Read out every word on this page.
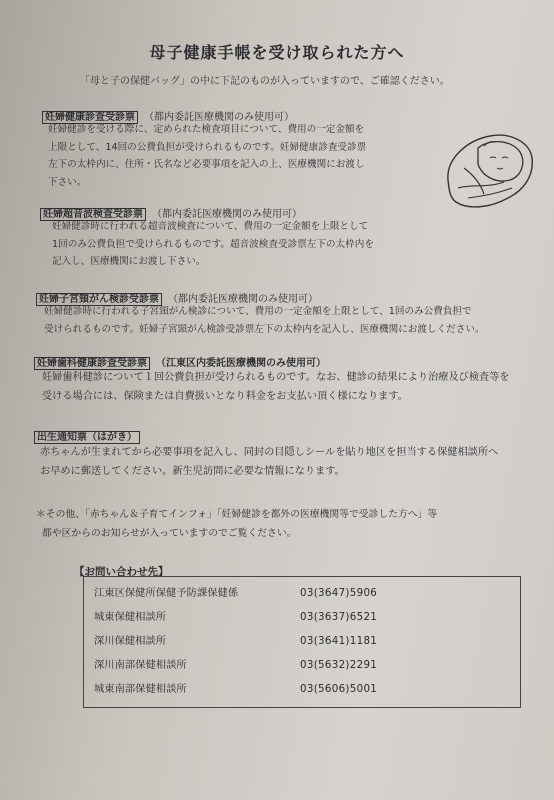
母子健康手帳を受け取られた方へ
「母と子の保健バッグ」の中に下記のものが入っていますので、ご確認ください。
妊婦健康診査受診票 （都内委託医療機関のみ使用可）
妊婦健診を受ける際に、定められた検査項目について、費用の一定金額を
上限として、14回の公費負担が受けられるものです。妊婦健康診査受診票
左下の太枠内に、住所・氏名など必要事項を記入の上、医療機関にお渡し
下さい。
妊婦超音波検査受診票 （都内委託医療機関のみ使用可）
妊婦健診時に行われる超音波検査について、費用の一定金額を上限として
1回のみ公費負担で受けられるものです。超音波検査受診票左下の太枠内を
記入し、医療機関にお渡し下さい。
妊婦子宮頸がん検診受診票 （都内委託医療機関のみ使用可）
妊婦健診時に行われる子宮頸がん検診について、費用の一定金額を上限として、1回のみ公費負担で
受けられるものです。妊婦子宮頸がん検診受診票左下の太枠内を記入し、医療機関にお渡しください。
妊婦歯科健康診査受診票 （江東区内委託医療機関のみ使用可）
妊婦歯科健診について１回公費負担が受けられるものです。なお、健診の結果により治療及び検査等を
受ける場合には、保険または自費扱いとなり料金をお支払い頂く様になります。
出生通知票（はがき）
赤ちゃんが生まれてから必要事項を記入し、同封の目隠しシールを貼り地区を担当する保健相談所へ
お早めに郵送してください。新生児訪問に必要な情報になります。
＊その他、「赤ちゃん＆子育てインフォ」「妊婦健診を都外の医療機関等で受診した方へ」等
都や区からのお知らせが入っていますのでご覧ください。
【お問い合わせ先】
江東区保健所保健予防課保健係	03(3647)5906
城東保健相談所	03(3637)6521
深川保健相談所	03(3641)1181
深川南部保健相談所	03(5632)2291
城東南部保健相談所	03(5606)5001
